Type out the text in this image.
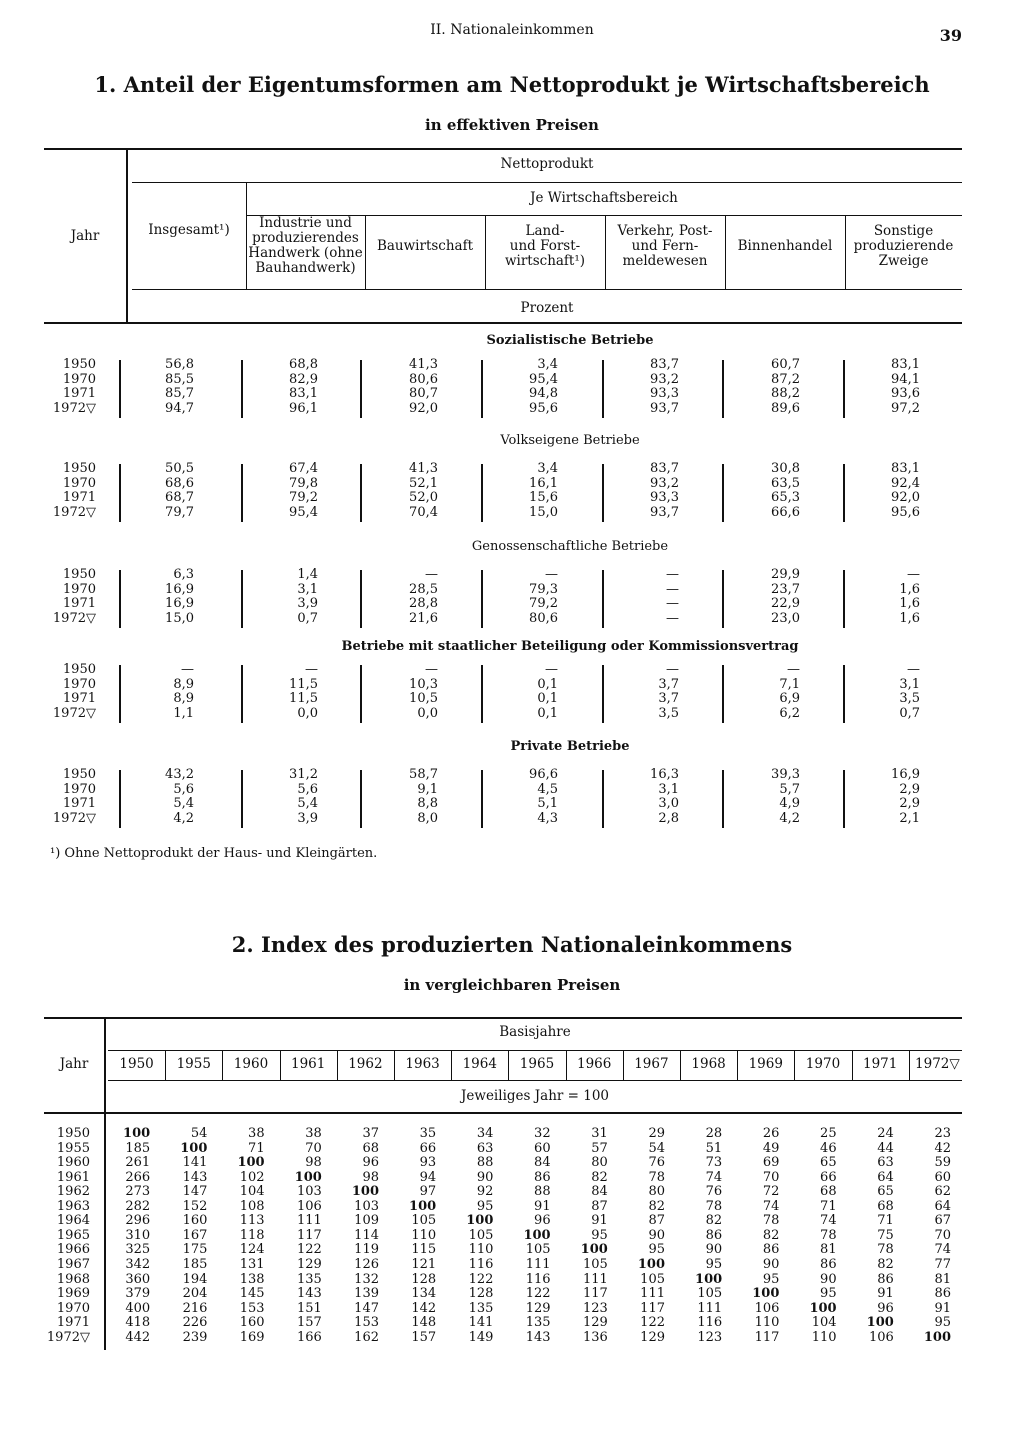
II. Nationaleinkommen	39
1. Anteil der Eigentumsformen am Nettoprodukt je Wirtschaftsbereich
in effektiven Preisen
Jahr
Nettoprodukt
Je Wirtschaftsbereich
Prozent
Insgesamt¹)	Industrie und
produzierendes
Handwerk (ohne
Bauhandwerk)
Bauwirtschaft
Land-
und Forst-
wirtschaft¹)
Verkehr, Post-
und Fern-
meldewesen
Binnenhandel
Sonstige
produzierende
Zweige
Sozialistische Betriebe
1950	56,8	68,8	41,3	3,4	83,7	60,7	83,1
1970	85,5	82,9	80,6	95,4	93,2	87,2	94,1
1971	85,7	83,1	80,7	94,8	93,3	88,2	93,6
1972▽	94,7	96,1	92,0	95,6	93,7	89,6	97,2
Volkseigene Betriebe
1950	50,5	67,4	41,3	3,4	83,7	30,8	83,1
1970	68,6	79,8	52,1	16,1	93,2	63,5	92,4
1971	68,7	79,2	52,0	15,6	93,3	65,3	92,0
1972▽	79,7	95,4	70,4	15,0	93,7	66,6	95,6
Genossenschaftliche Betriebe
1950	6,3	1,4	—	—	—	29,9	—
1970	16,9	3,1	28,5	79,3	—	23,7	1,6
1971	16,9	3,9	28,8	79,2	—	22,9	1,6
1972▽	15,0	0,7	21,6	80,6	—	23,0	1,6
Betriebe mit staatlicher Beteiligung oder Kommissionsvertrag
1950	—	—	—	—	—	—	—
1970	8,9	11,5	10,3	0,1	3,7	7,1	3,1
1971	8,9	11,5	10,5	0,1	3,7	6,9	3,5
1972▽	1,1	0,0	0,0	0,1	3,5	6,2	0,7
Private Betriebe
1950	43,2	31,2	58,7	96,6	16,3	39,3	16,9
1970	5,6	5,6	9,1	4,5	3,1	5,7	2,9
1971	5,4	5,4	8,8	5,1	3,0	4,9	2,9
1972▽	4,2	3,9	8,0	4,3	2,8	4,2	2,1
¹) Ohne Nettoprodukt der Haus- und Kleingärten.
2. Index des produzierten Nationaleinkommens
in vergleichbaren Preisen
Jahr
Basisjahre
Jeweiliges Jahr = 100
1950	1955	1960	1961	1962	1963	1964	1965	1966	1967	1968	1969	1970	1971	1972▽
1950	100	54	38	38	37	35	34	32	31	29	28	26	25	24	23
1955	185	100	71	70	68	66	63	60	57	54	51	49	46	44	42
1960	261	141	100	98	96	93	88	84	80	76	73	69	65	63	59
1961	266	143	102	100	98	94	90	86	82	78	74	70	66	64	60
1962	273	147	104	103	100	97	92	88	84	80	76	72	68	65	62
1963	282	152	108	106	103	100	95	91	87	82	78	74	71	68	64
1964	296	160	113	111	109	105	100	96	91	87	82	78	74	71	67
1965	310	167	118	117	114	110	105	100	95	90	86	82	78	75	70
1966	325	175	124	122	119	115	110	105	100	95	90	86	81	78	74
1967	342	185	131	129	126	121	116	111	105	100	95	90	86	82	77
1968	360	194	138	135	132	128	122	116	111	105	100	95	90	86	81
1969	379	204	145	143	139	134	128	122	117	111	105	100	95	91	86
1970	400	216	153	151	147	142	135	129	123	117	111	106	100	96	91
1971	418	226	160	157	153	148	141	135	129	122	116	110	104	100	95
1972▽	442	239	169	166	162	157	149	143	136	129	123	117	110	106	100
